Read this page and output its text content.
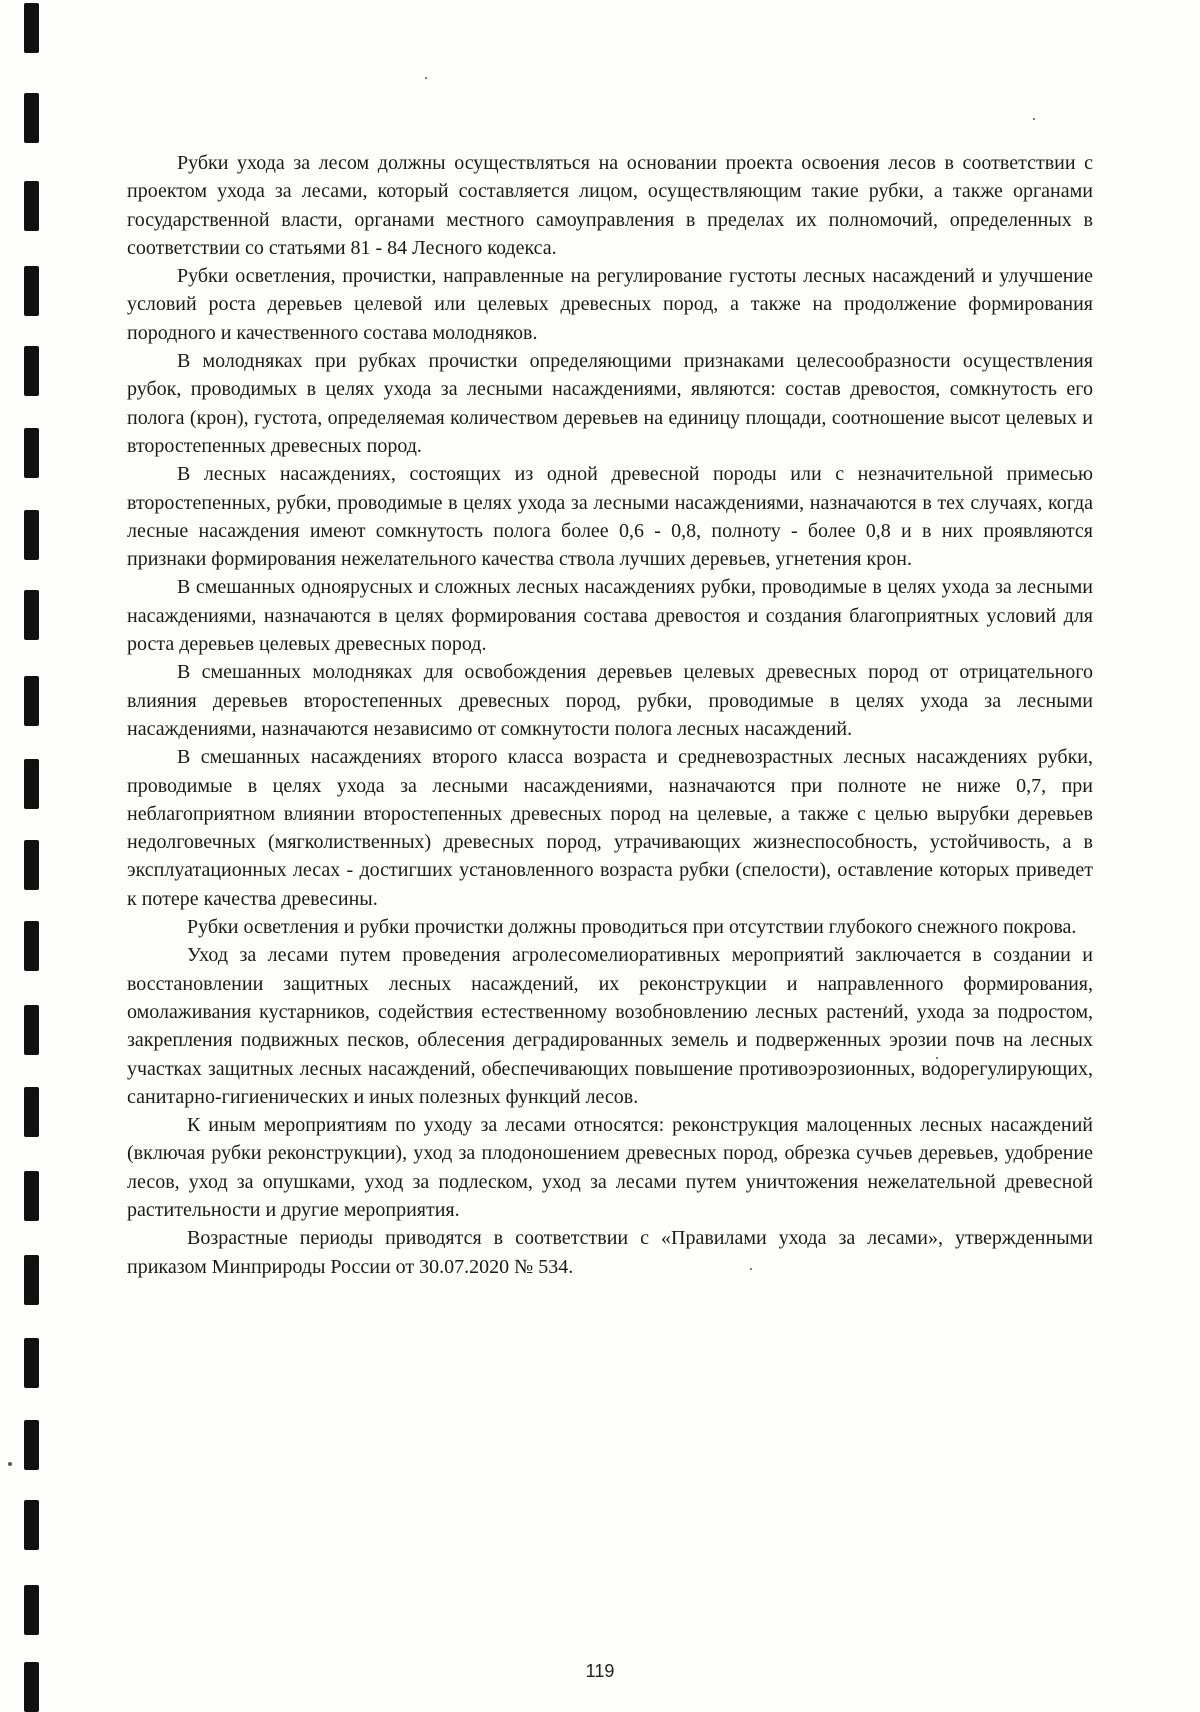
Рубки ухода за лесом должны осуществляться на основании проекта освоения лесов в соответствии с проектом ухода за лесами, который составляется лицом, осуществляющим такие рубки, а также органами государственной власти, органами местного самоуправления в пределах их полномочий, определенных в соответствии со статьями 81 - 84 Лесного кодекса.

Рубки осветления, прочистки, направленные на регулирование густоты лесных насаждений и улучшение условий роста деревьев целевой или целевых древесных пород, а также на продолжение формирования породного и качественного состава молодняков.

В молодняках при рубках прочистки определяющими признаками целесообразности осуществления рубок, проводимых в целях ухода за лесными насаждениями, являются: состав древостоя, сомкнутость его полога (крон), густота, определяемая количеством деревьев на единицу площади, соотношение высот целевых и второстепенных древесных пород.

В лесных насаждениях, состоящих из одной древесной породы или с незначительной примесью второстепенных, рубки, проводимые в целях ухода за лесными насаждениями, назначаются в тех случаях, когда лесные насаждения имеют сомкнутость полога более 0,6 - 0,8, полноту - более 0,8 и в них проявляются признаки формирования нежелательного качества ствола лучших деревьев, угнетения крон.

В смешанных одноярусных и сложных лесных насаждениях рубки, проводимые в целях ухода за лесными насаждениями, назначаются в целях формирования состава древостоя и создания благоприятных условий для роста деревьев целевых древесных пород.

В смешанных молодняках для освобождения деревьев целевых древесных пород от отрицательного влияния деревьев второстепенных древесных пород, рубки, проводимые в целях ухода за лесными насаждениями, назначаются независимо от сомкнутости полога лесных насаждений.

В смешанных насаждениях второго класса возраста и средневозрастных лесных насаждениях рубки, проводимые в целях ухода за лесными насаждениями, назначаются при полноте не ниже 0,7, при неблагоприятном влиянии второстепенных древесных пород на целевые, а также с целью вырубки деревьев недолговечных (мягколиственных) древесных пород, утрачивающих жизнеспособность, устойчивость, а в эксплуатационных лесах - достигших установленного возраста рубки (спелости), оставление которых приведет к потере качества древесины.

Рубки осветления и рубки прочистки должны проводиться при отсутствии глубокого снежного покрова.

Уход за лесами путем проведения агролесомелиоративных мероприятий заключается в создании и восстановлении защитных лесных насаждений, их реконструкции и направленного формирования, омолаживания кустарников, содействия естественному возобновлению лесных растений, ухода за подростом, закрепления подвижных песков, облесения деградированных земель и подверженных эрозии почв на лесных участках защитных лесных насаждений, обеспечивающих повышение противоэрозионных, водорегулирующих, санитарно-гигиенических и иных полезных функций лесов.

К иным мероприятиям по уходу за лесами относятся: реконструкция малоценных лесных насаждений (включая рубки реконструкции), уход за плодоношением древесных пород, обрезка сучьев деревьев, удобрение лесов, уход за опушками, уход за подлеском, уход за лесами путем уничтожения нежелательной древесной растительности и другие мероприятия.

Возрастные периоды приводятся в соответствии с «Правилами ухода за лесами», утвержденными приказом Минприроды России от 30.07.2020 № 534.

119
